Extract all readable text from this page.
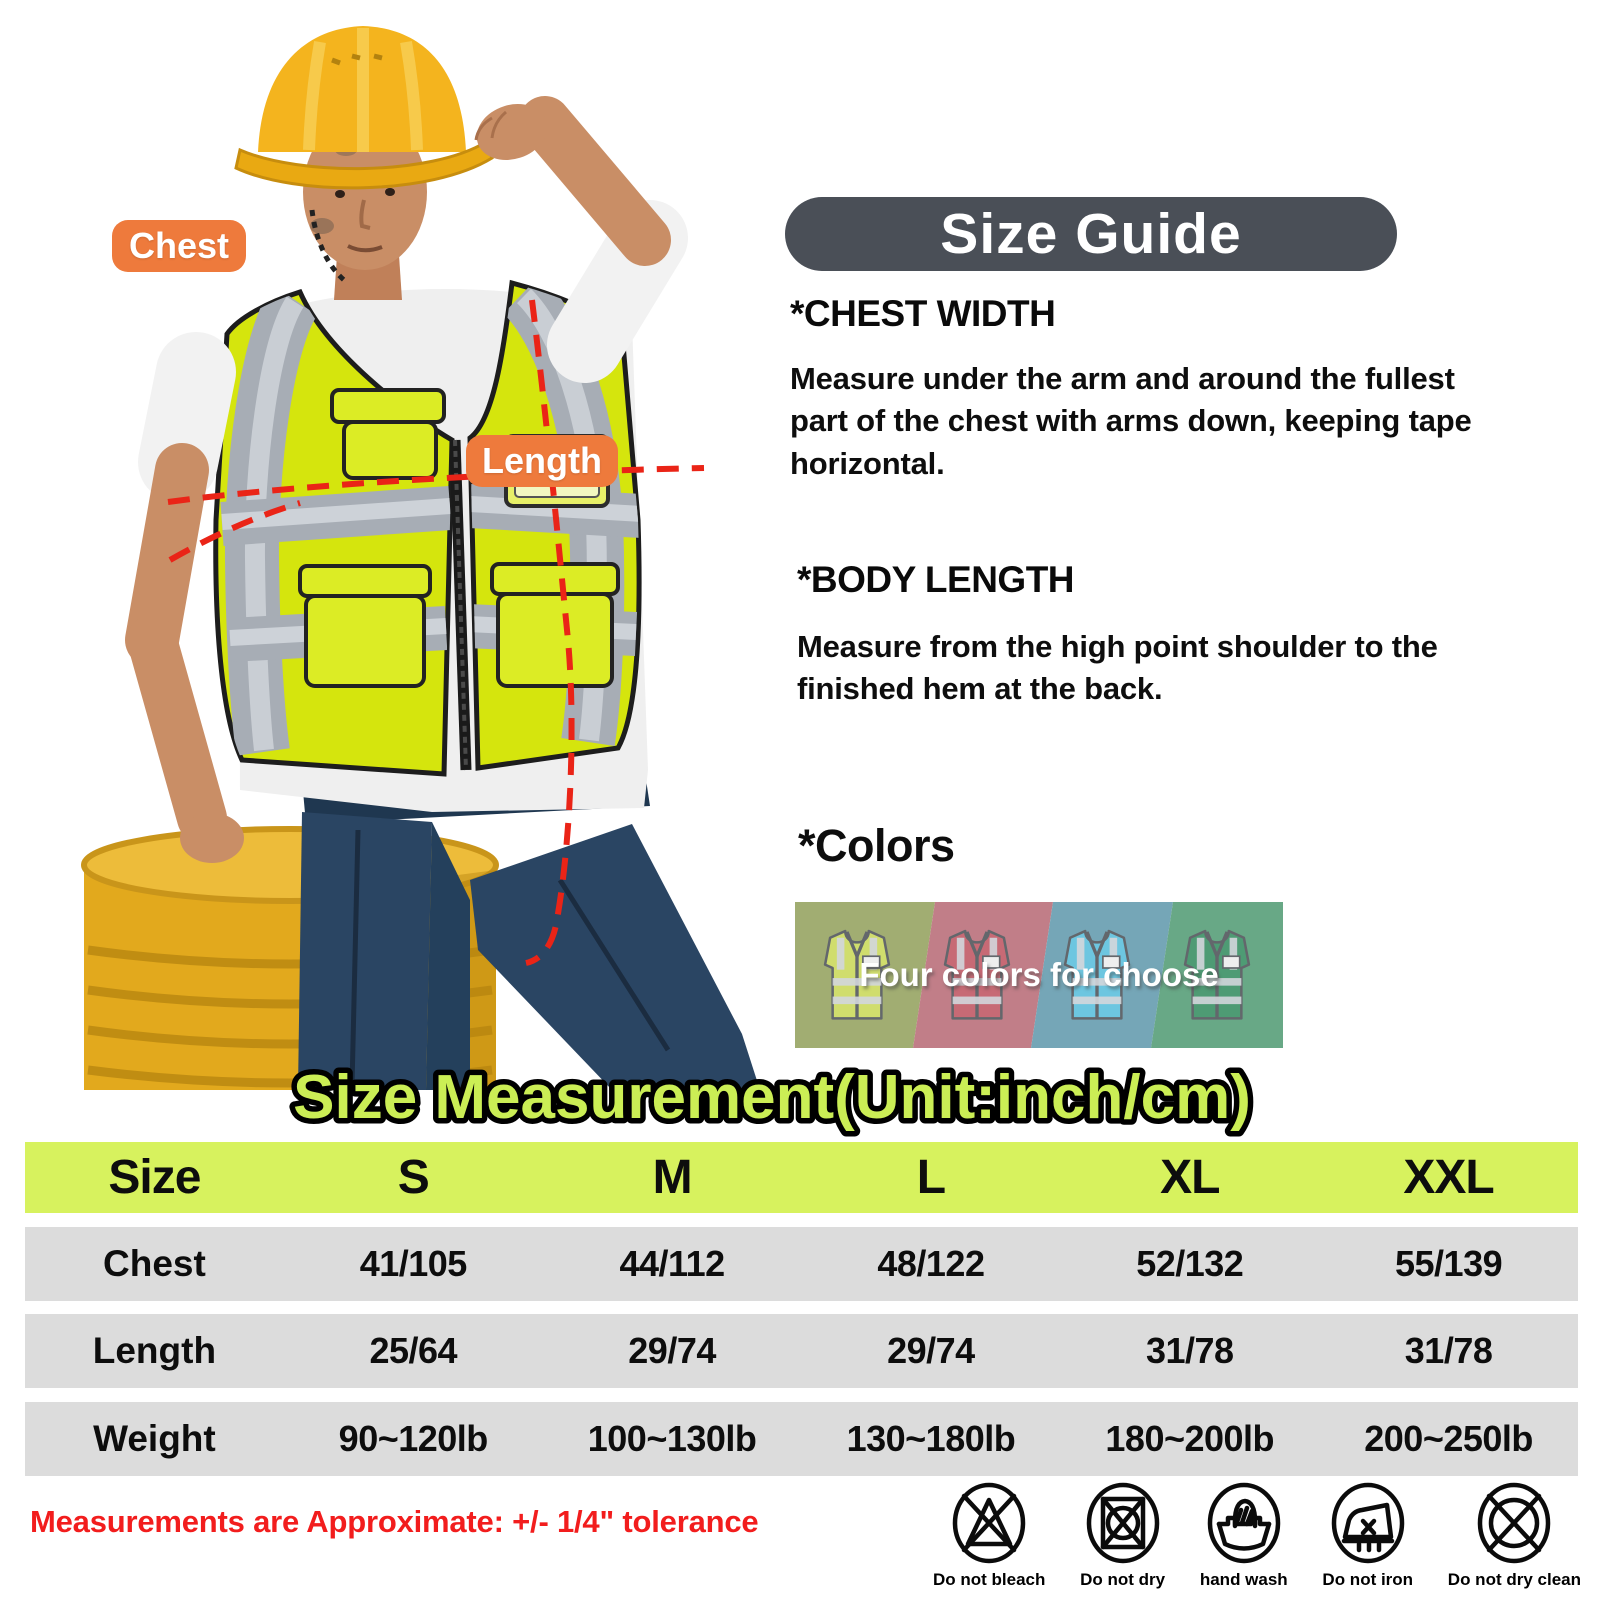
Chest
Length
Size Guide
*CHEST WIDTH
Measure under the arm and around the fullest part of the chest with arms down, keeping tape horizontal.
*BODY LENGTH
Measure from the high point shoulder to the finished hem at the back.
*Colors
Four colors for choose
Size Measurement(Unit:inch/cm)
Size	S	M	L	XL	XXL
Chest	41/105	44/112	48/122	52/132	55/139
Length	25/64	29/74	29/74	31/78	31/78
Weight	90~120lb	100~130lb	130~180lb	180~200lb	200~250lb
Measurements are Approximate: +/- 1/4" tolerance
Do not bleach Do not dry hand wash Do not iron Do not dry clean
